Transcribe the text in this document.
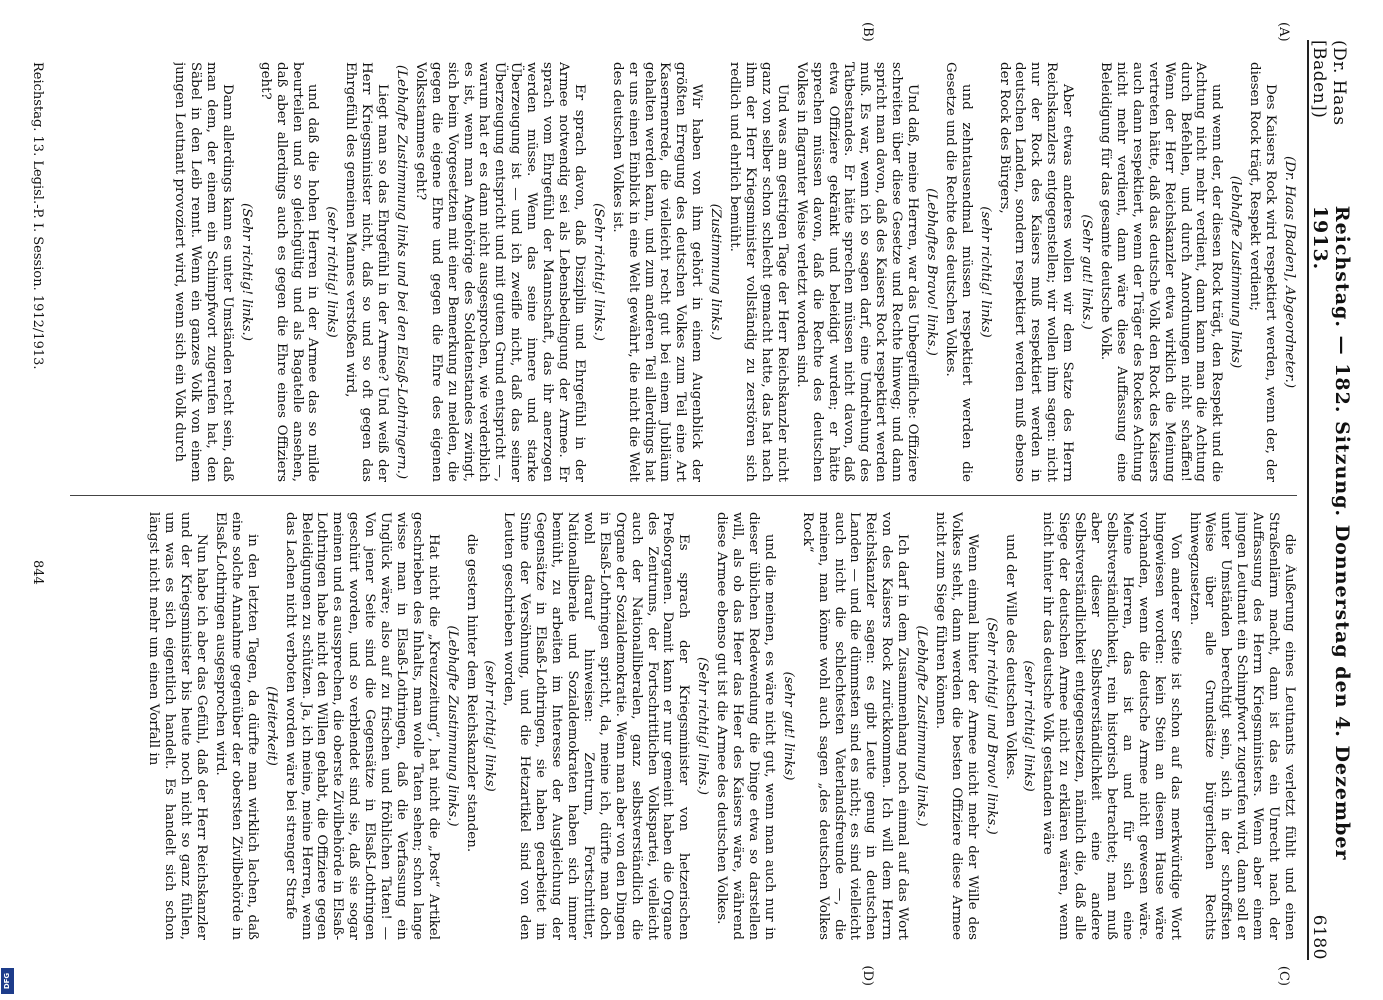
(Dr. Haas [Baden])
Reichstag. — 182. Sitzung. Donnerstag den 4. Dezember 1913.
6180
(A)
(B)
(C)
(D)

(Dr. Haas [Baden], Abgeordneter.)

Des Kaisers Rock wird respektiert werden, wenn der, der diesen Rock trägt, Respekt verdient;

(lebhafte Zustimmung links)

und wenn der, der diesen Rock trägt, den Respekt und die Achtung nicht mehr verdient, dann kann man die Achtung durch Befehlen, und durch Anordnungen nicht schaffen! Wenn der Herr Reichskanzler etwa wirklich die Meinung vertreten hätte, daß das deutsche Volk den Rock des Kaisers auch dann respektiert, wenn der Träger des Rockes Achtung nicht mehr verdient, dann wäre diese Auffassung eine Beleidigung für das gesamte deutsche Volk.

(Sehr gut! links.)

Aber etwas anderes wollen wir dem Satze des Herrn Reichskanzlers entgegenstellen; wir wollen ihm sagen: nicht nur der Rock des Kaisers muß respektiert werden in deutschen Landen, sondern respektiert werden muß ebenso der Rock des Bürgers,

(sehr richtig! links)

und zehntausendmal müssen respektiert werden die Gesetze und die Rechte des deutschen Volkes.

(Lebhaftes Bravo! links.)

Und daß, meine Herren, war das Unbegreifliche: Offiziere schreiten über diese Gesetze und Rechte hinweg; und dann spricht man davon, daß des Kaisers Rock respektiert werden muß. Es war, wenn ich so sagen darf, eine Umdrehung des Tatbestandes. Er hätte sprechen müssen nicht davon, daß etwa Offiziere gekränkt und beleidigt wurden; er hätte sprechen müssen davon, daß die Rechte des deutschen Volkes in flagranter Weise verletzt worden sind.

Und was am gestrigen Tage der Herr Reichskanzler nicht ganz von selber schon schlecht gemacht hatte, das hat nach ihm der Herr Kriegsminister vollständig zu zerstören sich redlich und ehrlich bemüht.

(Zustimmung links.)

Wir haben von ihm gehört in einem Augenblick der größten Erregung des deutschen Volkes zum Teil eine Art Kasernenrede, die vielleicht recht gut bei einem Jubiläum gehalten werden kann, und zum anderen Teil allerdings hat er uns einen Einblick in eine Welt gewährt, die nicht die Welt des deutschen Volkes ist.

(Sehr richtig! links.)

Er sprach davon, daß Disziplin und Ehrgefühl in der Armee notwendig sei als Lebensbedingung der Armee. Er sprach vom Ehrgefühl der Mannschaft, das ihr anerzogen werden müsse. Wenn das seine innere und starke Überzeugung ist — und ich zweifle nicht, daß das seiner Überzeugung entspricht und mit gutem Grund entspricht —, warum hat er es dann nicht ausgesprochen, wie verderblich es ist, wenn man Angehörige des Soldatenstandes zwingt, sich beim Vorgesetzten mit einer Bemerkung zu melden, die gegen die eigene Ehre und gegen die Ehre des eigenen Volksstammes geht?

(Lebhafte Zustimmung links und bei den Elsaß-Lothringern.)

Liegt man so das Ehrgefühl in der Armee? Und weiß der Herr Kriegsminister nicht, daß so und so oft gegen das Ehrgefühl des gemeinen Mannes verstoßen wird,

(sehr richtig! links)

und daß die hohen Herren in der Armee das so milde beurteilen und so gleichgültig und als Bagatelle ansehen, daß aber allerdings auch es gegen die Ehre eines Offiziers geht?

(Sehr richtig! links.)

Dann allerdings kann es unter Umständen recht sein, daß man dem, der einem ein Schimpfwort zugerufen hat, den Säbel in den Leib rennt. Wenn ein ganzes Volk von einem jungen Leutnant provoziert wird, wenn sich ein Volk durch

die Äußerung eines Leutnants verletzt fühlt und einen Straßenlärm macht, dann ist das ein Unrecht nach der Auffassung des Herrn Kriegsministers. Wenn aber einem jungen Leutnant ein Schimpfwort zugerufen wird, dann soll er unter Umständen berechtigt sein, sich in der schroffsten Weise über alle Grundsätze bürgerlichen Rechts hinwegzusetzen.

Von anderer Seite ist schon auf das merkwürdige Wort hingewiesen worden: kein Stein an diesem Hause wäre vorhanden, wenn die deutsche Armee nicht gewesen wäre. Meine Herren, das ist an und für sich eine Selbstverständlichkeit, rein historisch betrachtet; man muß aber dieser Selbstverständlichkeit eine andere Selbstverständlichkeit entgegensetzen, nämlich die, daß alle Siege der deutschen Armee nicht zu erklären wären, wenn nicht hinter ihr das deutsche Volk gestanden wäre

(sehr richtig! links)

und der Wille des deutschen Volkes.

(Sehr richtig! und Bravo! links.)

Wenn einmal hinter der Armee nicht mehr der Wille des Volkes steht, dann werden die besten Offiziere diese Armee nicht zum Siege führen können.

(Lebhafte Zustimmung links.)

Ich darf in dem Zusammenhang noch einmal auf das Wort von des Kaisers Rock zurückkommen. Ich will dem Herrn Reichskanzler sagen: es gibt Leute genug in deutschen Landen — und die dümmsten sind es nicht; es sind vielleicht auch nicht die schlechtesten Vaterlandsfreunde —, die meinen, man könne wohl auch sagen „des deutschen Volkes Rock“

(sehr gut! links)

und die meinen, es wäre nicht gut, wenn man auch nur in dieser üblichen Redewendung die Dinge etwa so darstellen will, als ob das Heer das Heer des Kaisers wäre, während diese Armee ebenso gut ist die Armee des deutschen Volkes.

(Sehr richtig! links.)

Es sprach der Kriegsminister von hetzerischen Preßorganen. Damit kann er nur gemeint haben die Organe des Zentrums, der Fortschrittlichen Volkspartei, vielleicht auch der Nationalliberalen, ganz selbstverständlich die Organe der Sozialdemokratie. Wenn man aber von den Dingen in Elsaß-Lothringen spricht, da, meine ich, dürfte man doch wohl darauf hinweisen: Zentrum, Fortschrittler, Nationalliberale und Sozialdemokraten haben sich immer bemüht, zu arbeiten im Interesse der Ausgleichung der Gegensätze in Elsaß-Lothringen, sie haben gearbeitet im Sinne der Versöhnung, und die Hetzartikel sind von den Leuten geschrieben worden,

(sehr richtig! links)

die gestern hinter dem Reichskanzler standen.

(Lebhafte Zustimmung links.)

Hat nicht die „Kreuzzeitung“, hat nicht die „Post“ Artikel geschrieben des Inhalts, man wolle Taten sehen; schon lange wisse man in Elsaß-Lothringen, daß die Verfassung ein Unglück wäre; also auf zu frischen und fröhlichen Taten! — Von jener Seite sind die Gegensätze in Elsaß-Lothringen geschürt worden, und so verblendet sind sie, daß sie sogar meinen und es aussprechen, die oberste Zivilbehörde in Elsaß-Lothringen habe nicht den Willen gehabt, die Offiziere gegen Beleidigungen zu schützen. Ja, ich meine, meine Herren, wenn das Lachen nicht verboten worden wäre bei strenger Strafe

(Heiterkeit)

in den letzten Tagen, da dürfte man wirklich lachen, daß eine solche Annahme gegenüber der obersten Zivilbehörde in Elsaß-Lothringen ausgesprochen wird.

Nun habe ich aber das Gefühl, daß der Herr Reichskanzler und der Kriegsminister bis heute noch nicht so ganz fühlen, um was es sich eigentlich handelt. Es handelt sich schon längst nicht mehr um einen Vorfall in

Reichstag. 13. Legisl.-P. I. Session. 1912/1913.
844
DFG
